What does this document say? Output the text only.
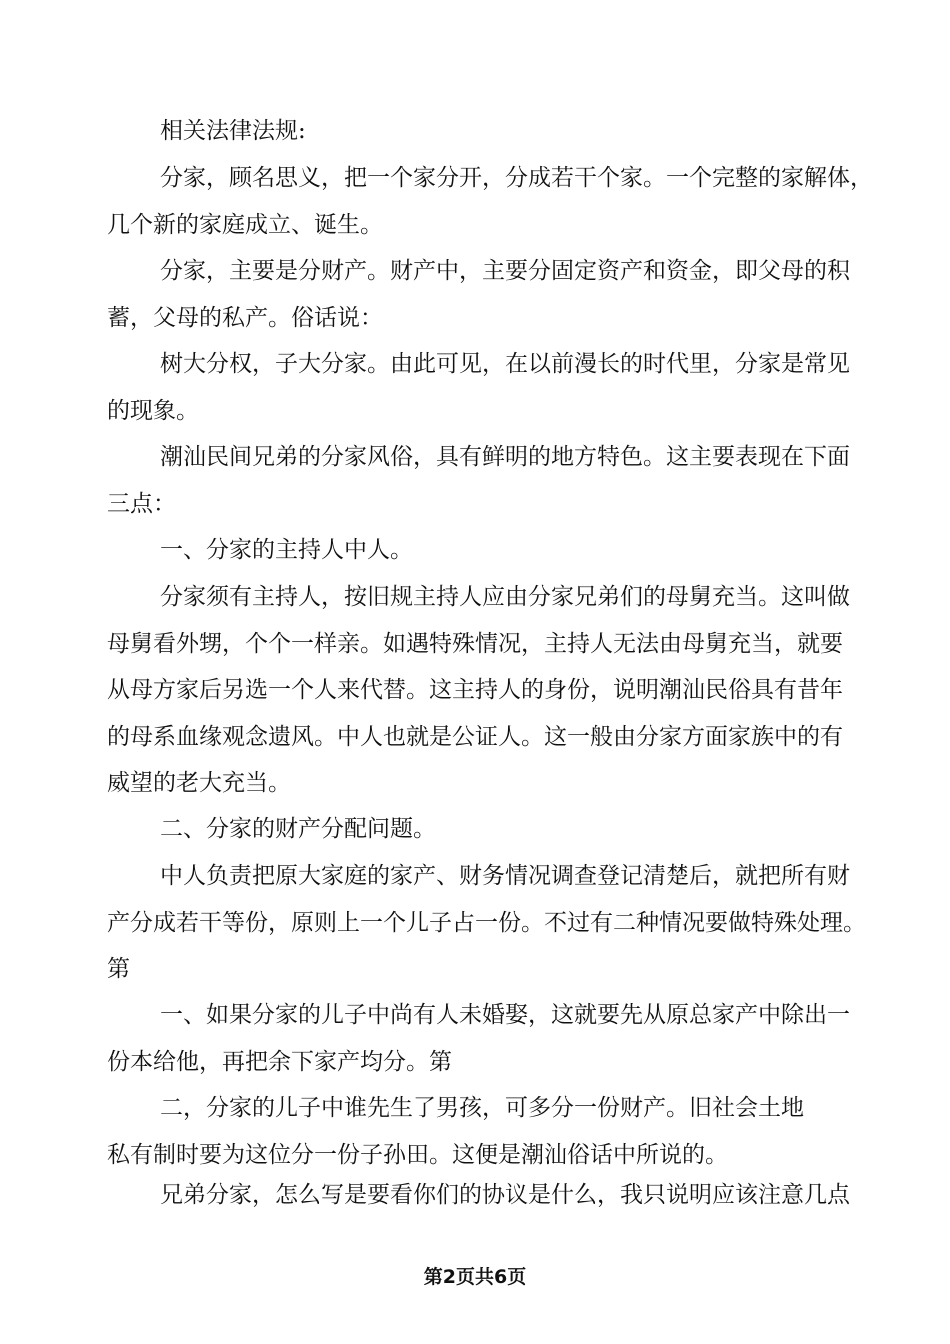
相关法律法规:
分家，顾名思义，把一个家分开，分成若干个家。一个完整的家解体，
几个新的家庭成立、诞生。
分家，主要是分财产。财产中，主要分固定资产和资金，即父母的积
蓄，父母的私产。俗话说：
树大分权，子大分家。由此可见，在以前漫长的时代里，分家是常见
的现象。
潮汕民间兄弟的分家风俗，具有鲜明的地方特色。这主要表现在下面
三点：
一、分家的主持人中人。
分家须有主持人，按旧规主持人应由分家兄弟们的母舅充当。这叫做
母舅看外甥，个个一样亲。如遇特殊情况，主持人无法由母舅充当，就要
从母方家后另选一个人来代替。这主持人的身份，说明潮汕民俗具有昔年
的母系血缘观念遗风。中人也就是公证人。这一般由分家方面家族中的有
威望的老大充当。
二、分家的财产分配问题。
中人负责把原大家庭的家产、财务情况调查登记清楚后，就把所有财
产分成若干等份，原则上一个儿子占一份。不过有二种情况要做特殊处理。
第
一、如果分家的儿子中尚有人未婚娶，这就要先从原总家产中除出一
份本给他，再把余下家产均分。第
二，分家的儿子中谁先生了男孩，可多分一份财产。旧社会土地
私有制时要为这位分一份子孙田。这便是潮汕俗话中所说的。
兄弟分家，怎么写是要看你们的协议是什么，我只说明应该注意几点
第2页共6页
